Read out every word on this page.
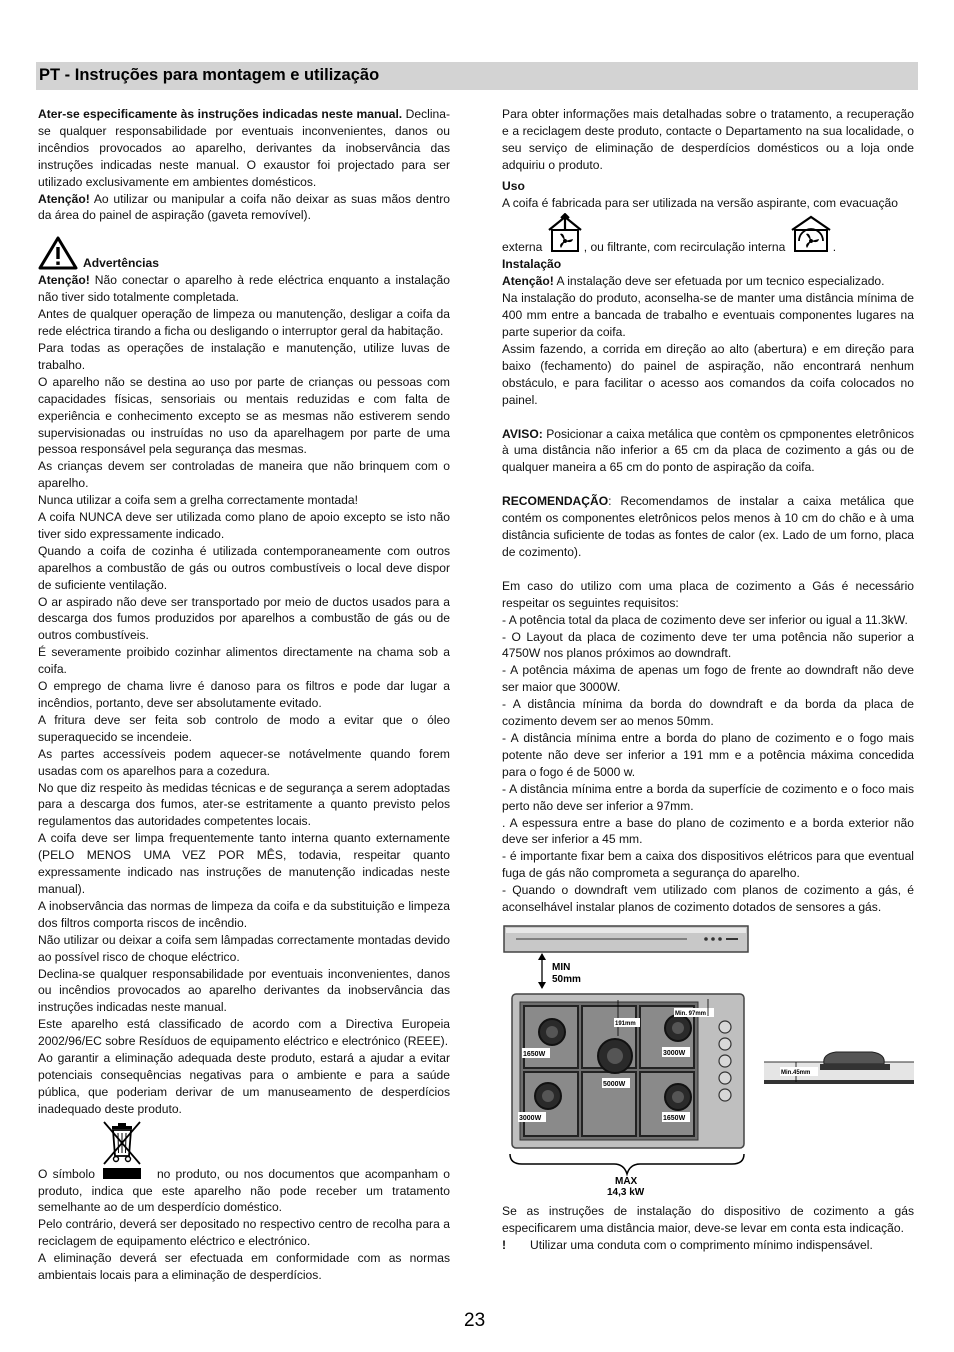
PT - Instruções para montagem e utilização

Ater-se especificamente às instruções indicadas neste manual. Declina-se qualquer responsabilidade por eventuais inconvenientes, danos ou incêndios provocados ao aparelho, derivantes da inobservância das instruções indicadas neste manual. O exaustor foi projectado para ser utilizado exclusivamente em ambientes domésticos.

Atenção! Ao utilizar ou manipular a coifa não deixar as suas mãos dentro da área do painel de aspiração (gaveta removível).

Advertências

Atenção! Não conectar o aparelho à rede eléctrica enquanto a instalação não tiver sido totalmente completada.

Antes de qualquer operação de limpeza ou manutenção, desligar a coifa da rede eléctrica tirando a ficha ou desligando o interruptor geral da habitação.

Para todas as operações de instalação e manutenção, utilize luvas de trabalho.

O aparelho não se destina ao uso por parte de crianças ou pessoas com capacidades físicas, sensoriais ou mentais reduzidas e com falta de experiência e conhecimento excepto se as mesmas não estiverem sendo supervisionadas ou instruídas no uso da aparelhagem por parte de uma pessoa responsável pela segurança das mesmas.

As crianças devem ser controladas de maneira que não brinquem com o aparelho.

Nunca utilizar a coifa sem a grelha correctamente montada!

A coifa NUNCA deve ser utilizada como plano de apoio excepto se isto não tiver sido expressamente indicado.

Quando a coifa de cozinha é utilizada contemporaneamente com outros aparelhos a combustão de gás ou outros combustíveis o local deve dispor de suficiente ventilação.

O ar aspirado não deve ser transportado por meio de ductos usados para a descarga dos fumos produzidos por aparelhos a combustão de gás ou de outros combustíveis.

É severamente proibido cozinhar alimentos directamente na chama sob a coifa.

O emprego de chama livre é danoso para os filtros e pode dar lugar a incêndios, portanto, deve ser absolutamente evitado.

A fritura deve ser feita sob controlo de modo a evitar que o óleo superaquecido se incendeie.

As partes accessíveis podem aquecer-se notávelmente quando forem usadas com os aparelhos para a cozedura.

No que diz respeito às medidas técnicas e de segurança a serem adoptadas para a descarga dos fumos, ater-se estritamente a quanto previsto pelos regulamentos das autoridades competentes locais.

A coifa deve ser limpa frequentemente tanto interna quanto externamente (PELO MENOS UMA VEZ POR MÊS, todavia, respeitar quanto expressamente indicado nas instruções de manutenção indicadas neste manual).

A inobservância das normas de limpeza da coifa e da substituição e limpeza dos filtros comporta riscos de incêndio.

Não utilizar ou deixar a coifa sem lâmpadas correctamente montadas devido ao possível risco de choque eléctrico.

Declina-se qualquer responsabilidade por eventuais inconvenientes, danos ou incêndios provocados ao aparelho derivantes da inobservância das instruções indicadas neste manual.

Este aparelho está classificado de acordo com a Directiva Europeia 2002/96/EC sobre Resíduos de equipamento eléctrico e electrónico (REEE).

Ao garantir a eliminação adequada deste produto, estará a ajudar a evitar potenciais consequências negativas para o ambiente e para a saúde pública, que poderiam derivar de um manuseamento de desperdícios inadequado deste produto.

O símbolo	no produto, ou nos documentos que acompanham o produto, indica que este aparelho não pode receber um tratamento semelhante ao de um desperdício doméstico.

Pelo contrário, deverá ser depositado no respectivo centro de recolha para a reciclagem de equipamento eléctrico e electrónico.

A eliminação deverá ser efectuada em conformidade com as normas ambientais locais para a eliminação de desperdícios.

Para obter informações mais detalhadas sobre o tratamento, a recuperação e a reciclagem deste produto, contacte o Departamento na sua localidade, o seu serviço de eliminação de desperdícios domésticos ou a loja onde adquiriu o produto.

Uso

A coifa é fabricada para ser utilizada na versão aspirante, com evacuação

externa	, ou filtrante, com recirculação interna	.

Instalação

Atenção! A instalação deve ser efetuada por um tecnico especializado.

Na instalação do produto, aconselha-se de manter uma distância mínima de 400 mm entre a bancada de trabalho e eventuais componentes lugares na parte superior da coifa.

Assim fazendo, a corrida em direção ao alto (abertura) e em direção para baixo (fechamento) do painel de aspiração, não encontrará nenhum obstáculo, e para facilitar o acesso aos comandos da coifa colocados no painel.

AVISO: Posicionar a caixa metálica que contèm os cpmponentes eletrônicos à uma distância não inferior a 65 cm da placa de cozimento a gás ou de qualquer maneira a 65 cm do ponto de aspiração da coifa.

RECOMENDAÇÃO: Recomendamos de instalar a caixa metálica que contém os componentes eletrônicos pelos menos à 10 cm do chão e à uma distância suficiente de todas as fontes de calor (ex. Lado de um forno, placa de cozimento).

Em caso do utilizo com uma placa de cozimento a Gás é necessário respeitar os seguintes requisitos:

- A potência total da placa de cozimento deve ser inferior ou igual a 11.3kW.

- O Layout da placa de cozimento deve ter uma potência não superior a 4750W nos planos próximos ao downdraft.

- A potência máxima de apenas um fogo de frente ao downdraft não deve ser maior que 3000W.

- A distância mínima da borda do downdraft e da borda da placa de cozimento devem ser ao menos 50mm.

- A distância mínima entre a borda do plano de cozimento e o fogo mais potente não deve ser inferior a 191 mm e a potência máxima concedida para o fogo é de 5000 w.

- A distância mínima entre a borda da superfície de cozimento e o foco mais perto não deve ser inferior a 97mm.

. A espessura entre a base do plano de cozimento e a borda exterior não deve ser inferior a 45 mm.

- é importante fixar bem a caixa dos dispositivos elétricos para que eventual fuga de gás não comprometa a segurança do aparelho.

- Quando o downdraft vem utilizado com planos de cozimento a gás, é aconselhável instalar planos de cozimento dotados de sensores a gás.

MIN
50mm
1650W	3000W
5000W
3000W	1650W
Min. 97mm
191mm
Min.45mm
MAX
14,3 kW

Se as instruções de instalação do dispositivo de cozimento a gás especificarem uma distância maior, deve-se levar em conta esta indicação.

! Utilizar uma conduta com o comprimento mínimo indispensável.

23
